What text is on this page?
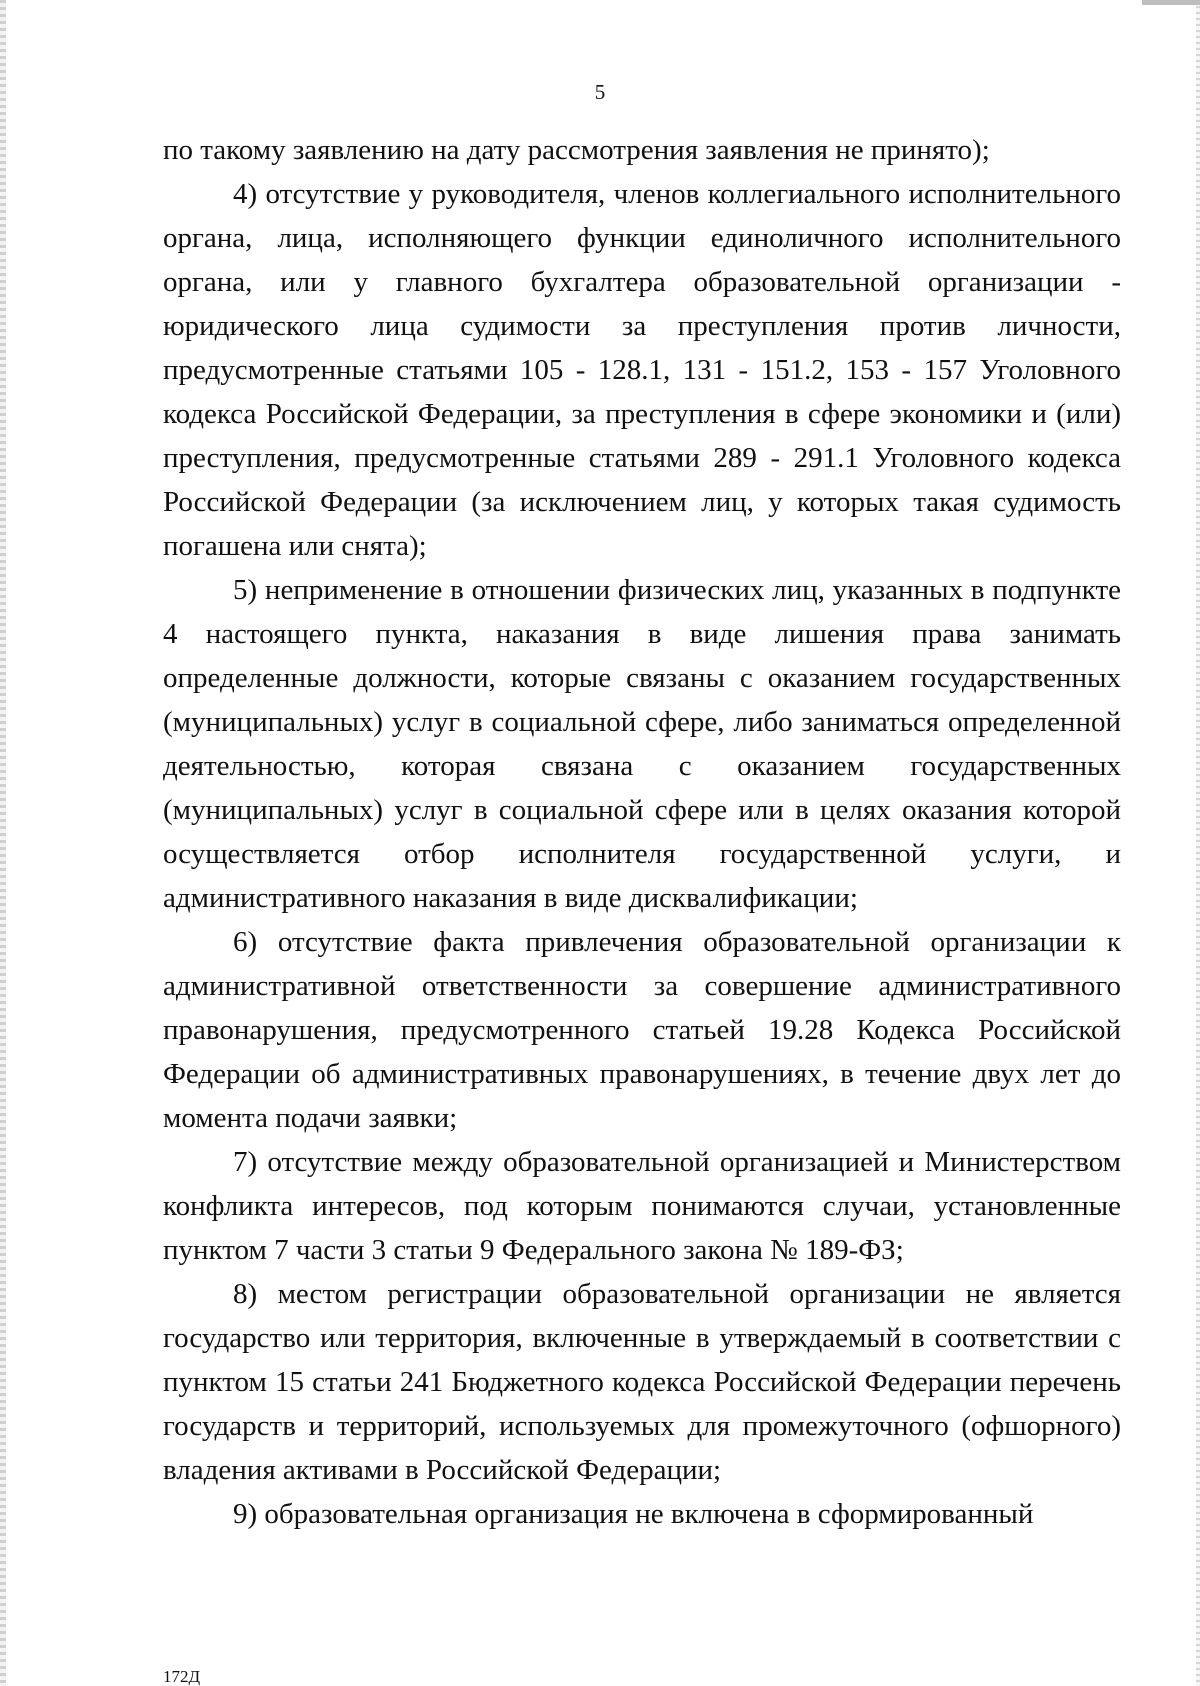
5

по такому заявлению на дату рассмотрения заявления не принято);

4) отсутствие у руководителя, членов коллегиального исполнительного органа, лица, исполняющего функции единоличного исполнительного органа, или у главного бухгалтера образовательной организации - юридического лица судимости за преступления против личности, предусмотренные статьями 105 - 128.1, 131 - 151.2, 153 - 157 Уголовного кодекса Российской Федерации, за преступления в сфере экономики и (или) преступления, предусмотренные статьями 289 - 291.1 Уголовного кодекса Российской Федерации (за исключением лиц, у которых такая судимость погашена или снята);

5) неприменение в отношении физических лиц, указанных в подпункте 4 настоящего пункта, наказания в виде лишения права занимать определенные должности, которые связаны с оказанием государственных (муниципальных) услуг в социальной сфере, либо заниматься определенной деятельностью, которая связана с оказанием государственных (муниципальных) услуг в социальной сфере или в целях оказания которой осуществляется отбор исполнителя государственной услуги, и административного наказания в виде дисквалификации;

6) отсутствие факта привлечения образовательной организации к административной ответственности за совершение административного правонарушения, предусмотренного статьей 19.28 Кодекса Российской Федерации об административных правонарушениях, в течение двух лет до момента подачи заявки;

7) отсутствие между образовательной организацией и Министерством конфликта интересов, под которым понимаются случаи, установленные пунктом 7 части 3 статьи 9 Федерального закона № 189-ФЗ;

8) местом регистрации образовательной организации не является государство или территория, включенные в утверждаемый в соответствии с пунктом 15 статьи 241 Бюджетного кодекса Российской Федерации перечень государств и территорий, используемых для промежуточного (офшорного) владения активами в Российской Федерации;

9) образовательная организация не включена в сформированный

172Д
